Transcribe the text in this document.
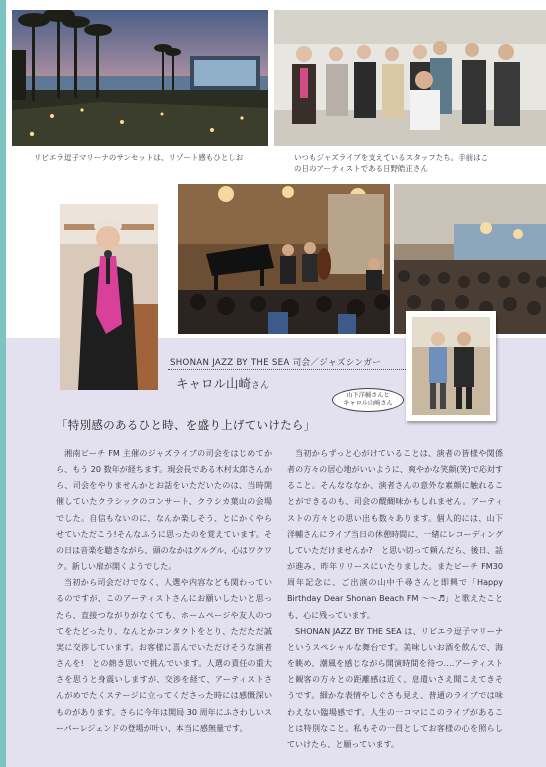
リビエラ逗子マリーナのサンセットは、リゾート感もひとしお	いつもジャズライブを支えているスタッフたち。手前はこ
の日のアーティストである日野皓正さん
SHONAN JAZZ BY THE SEA 司会／ジャズシンガー
キャロル山崎さん
山下洋輔さんと
キャロル山崎さん
「特別感のあるひと時、を盛り上げていけたら」

湘南ビーチ FM 主催のジャズライブの司会をはじめてから、もう 20 数年が経ちます。現会長である木村太郎さんから、司会をやりませんかとお話をいただいたのは、当時開催していたクラシックのコンサート、クラシカ葉山の会場でした。自信もないのに、なんか楽しそう、とにかくやらせていただこう!そんなふうに思ったのを覚えています。その日は音楽を聴きながら、頭のなかはグルグル、心はワクワク。新しい扉が開くようでした。

当初から司会だけでなく、人選や内容なども関わっているのですが、このアーティストさんにお願いしたいと思ったら、直接つながりがなくても、ホームページや友人のつてをたどったり、なんとかコンタクトをとり、ただただ誠実に交渉しています。お客様に喜んでいただけそうな演者さんを!　との熱き思いで挑んでいます。人選の責任の重大さを思うと身震いしますが、交渉を経て、アーティストさんがめでたくステージに立ってくださった時には感慨深いものがあります。さらに今年は開局 30 周年にふさわしいスーパーレジェンドの登場が叶い、本当に感無量です。

当初からずっと心がけていることは、演者の皆様や関係者の方々の居心地がいいように、爽やかな笑顔(笑)で応対すること。そんなななか、演者さんの意外な素顔に触れることができるのも、司会の醍醐味かもしれません。アーティストの方々との思い出も数々あります。個人的には、山下洋輔さんにライブ当日の休憩時間に、一緒にレコーディングしていただけませんか?　と思い切って頼んだら、後日、話が進み、昨年リリースにいたりました。またビーチ FM30 周年記念に、ご出演の山中千尋さんと即興で「Happy Birthday Dear Shonan Beach FM 〜〜♬」と歌えたことも、心に残っています。

SHONAN JAZZ BY THE SEA は、リビエラ逗子マリーナというスペシャルな舞台です。美味しいお酒を飲んで、海を眺め、潮風を感じながら開演時間を待つ‥‥アーティストと観客の方々との距離感は近く、息遣いさえ聞こえてきそうです。細かな表情やしぐさも見え、普通のライブでは味わえない臨場感です。人生の一コマにこのライブがあることは特別なこと。私もその一員としてお客様の心を照らしていけたら、と願っています。
